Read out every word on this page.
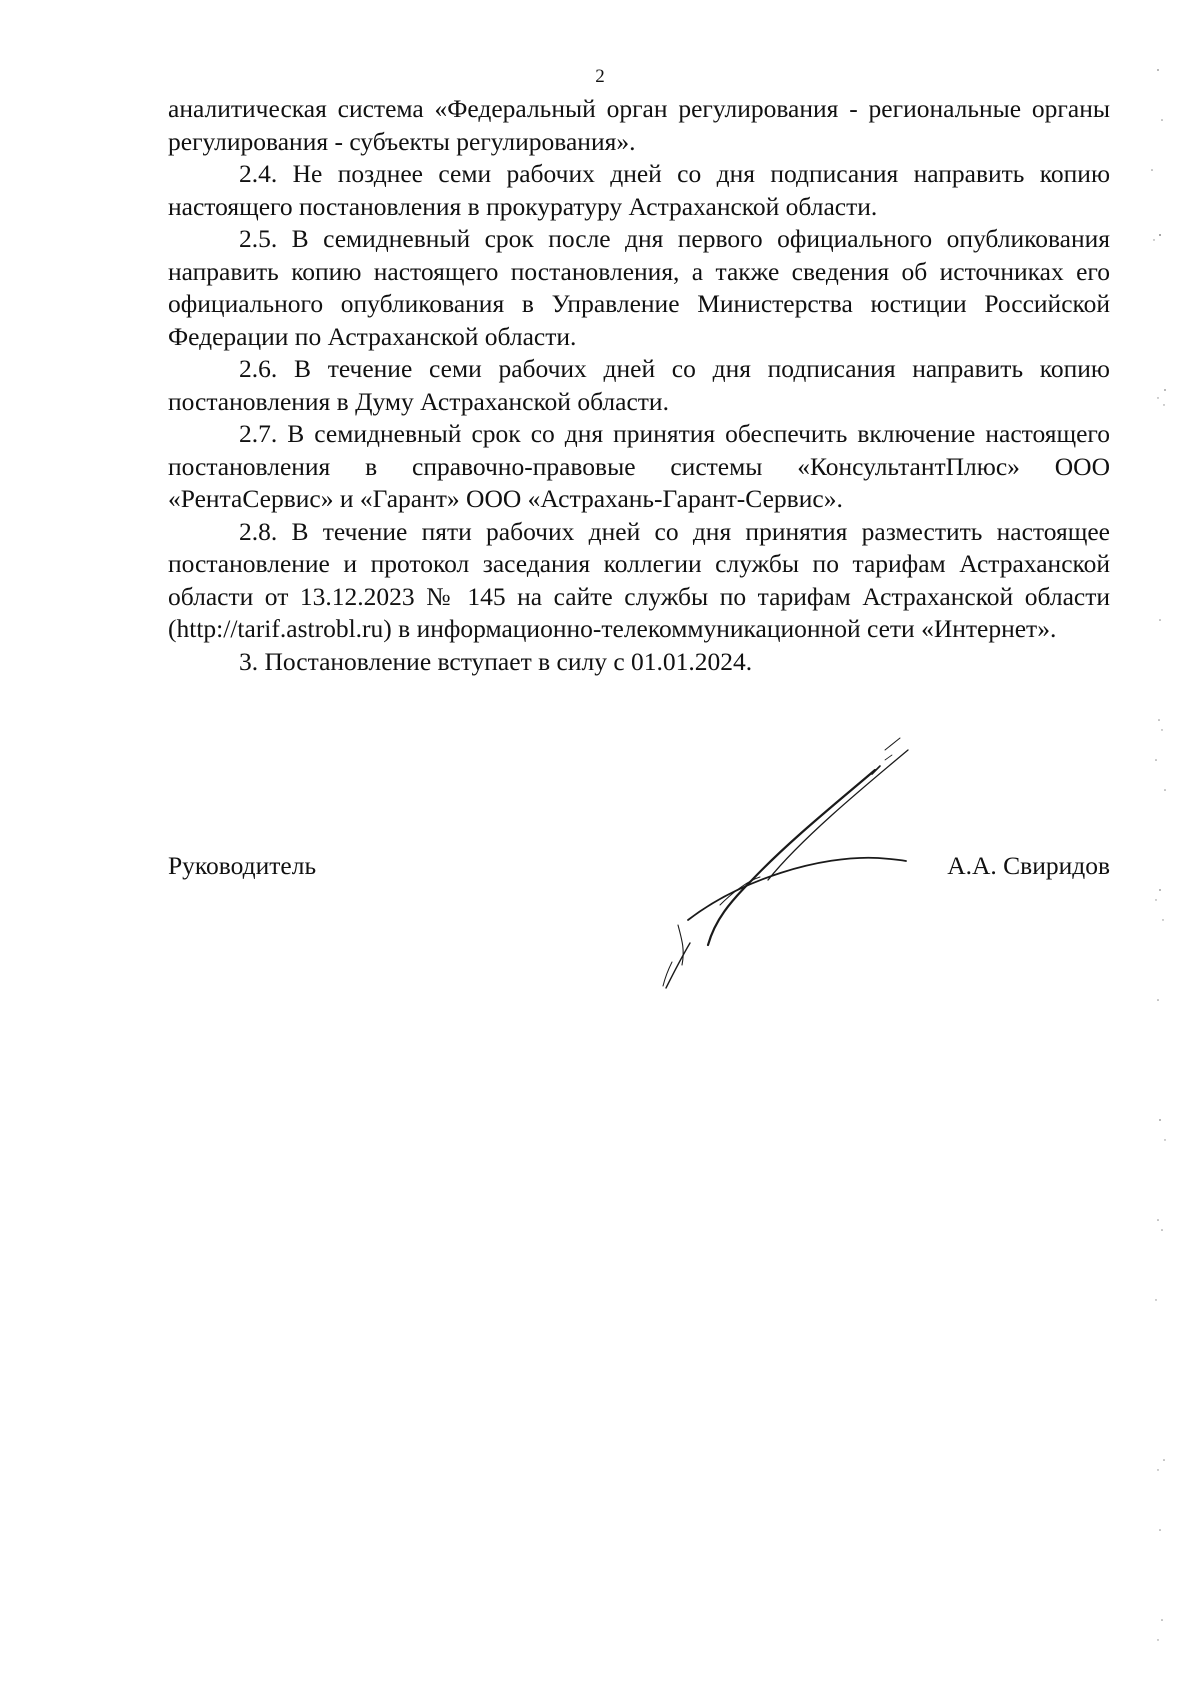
2

аналитическая система «Федеральный орган регулирования - региональные органы регулирования - субъекты регулирования».

2.4. Не позднее семи рабочих дней со дня подписания направить копию настоящего постановления в прокуратуру Астраханской области.

2.5. В семидневный срок после дня первого официального опубликования направить копию настоящего постановления, а также сведения об источниках его официального опубликования в Управление Министерства юстиции Российской Федерации по Астраханской области.

2.6. В течение семи рабочих дней со дня подписания направить копию постановления в Думу Астраханской области.

2.7. В семидневный срок со дня принятия обеспечить включение настоящего постановления в справочно-правовые системы «КонсультантПлюс» ООО «РентаСервис» и «Гарант» ООО «Астрахань-Гарант-Сервис».

2.8. В течение пяти рабочих дней со дня принятия разместить настоящее постановление и протокол заседания коллегии службы по тарифам Астраханской области от 13.12.2023 № 145 на сайте службы по тарифам Астраханской области (http://tarif.astrobl.ru) в информационно-телекоммуникационной сети «Интернет».

3. Постановление вступает в силу с 01.01.2024.

Руководитель	А.А. Свиридов
